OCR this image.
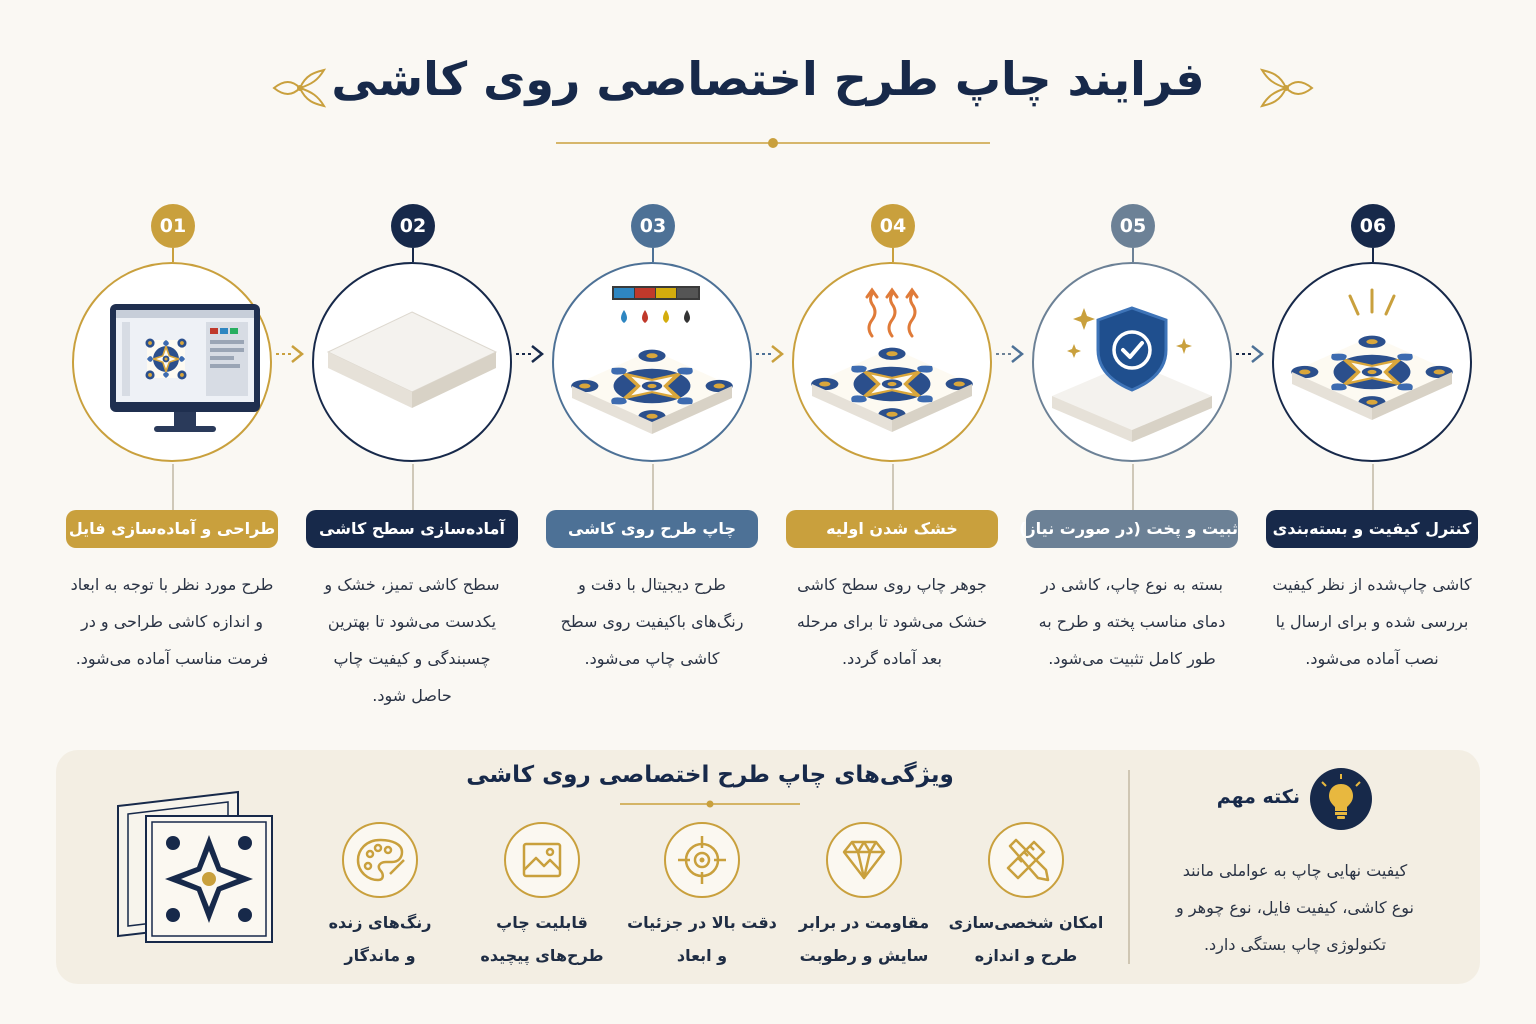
فرایند چاپ طرح اختصاصی روی کاشی
01
طراحی و آماده‌سازی فایل
طرح مورد نظر با توجه به ابعاد
و اندازه کاشی طراحی و در
فرمت مناسب آماده می‌شود.
02
آماده‌سازی سطح کاشی
سطح کاشی تمیز، خشک و
یکدست می‌شود تا بهترین
چسبندگی و کیفیت چاپ
حاصل شود.
03
چاپ طرح روی کاشی
طرح دیجیتال با دقت و
رنگ‌های باکیفیت روی سطح
کاشی چاپ می‌شود.
04
خشک شدن اولیه
جوهر چاپ روی سطح کاشی
خشک می‌شود تا برای مرحله
بعد آماده گردد.
05
ثبیت و پخت (در صورت نیاز)
بسته به نوع چاپ، کاشی در
دمای مناسب پخته و طرح به
طور کامل تثبیت می‌شود.
06
کنترل کیفیت و بسته‌بندی
کاشی چاپ‌شده از نظر کیفیت
بررسی شده و برای ارسال یا
نصب آماده می‌شود.
ویژگی‌های چاپ طرح اختصاصی روی کاشی
امکان شخصی‌سازی
طرح و اندازه
مقاومت در برابر
سایش و رطوبت
دقت بالا در جزئیات
و ابعاد
قابلیت چاپ
طرح‌های پیچیده
رنگ‌های زنده
و ماندگار
نکته مهم
کیفیت نهایی چاپ به عواملی مانند
نوع کاشی، کیفیت فایل، نوع چوهر و
تکنولوژی چاپ بستگی دارد.
